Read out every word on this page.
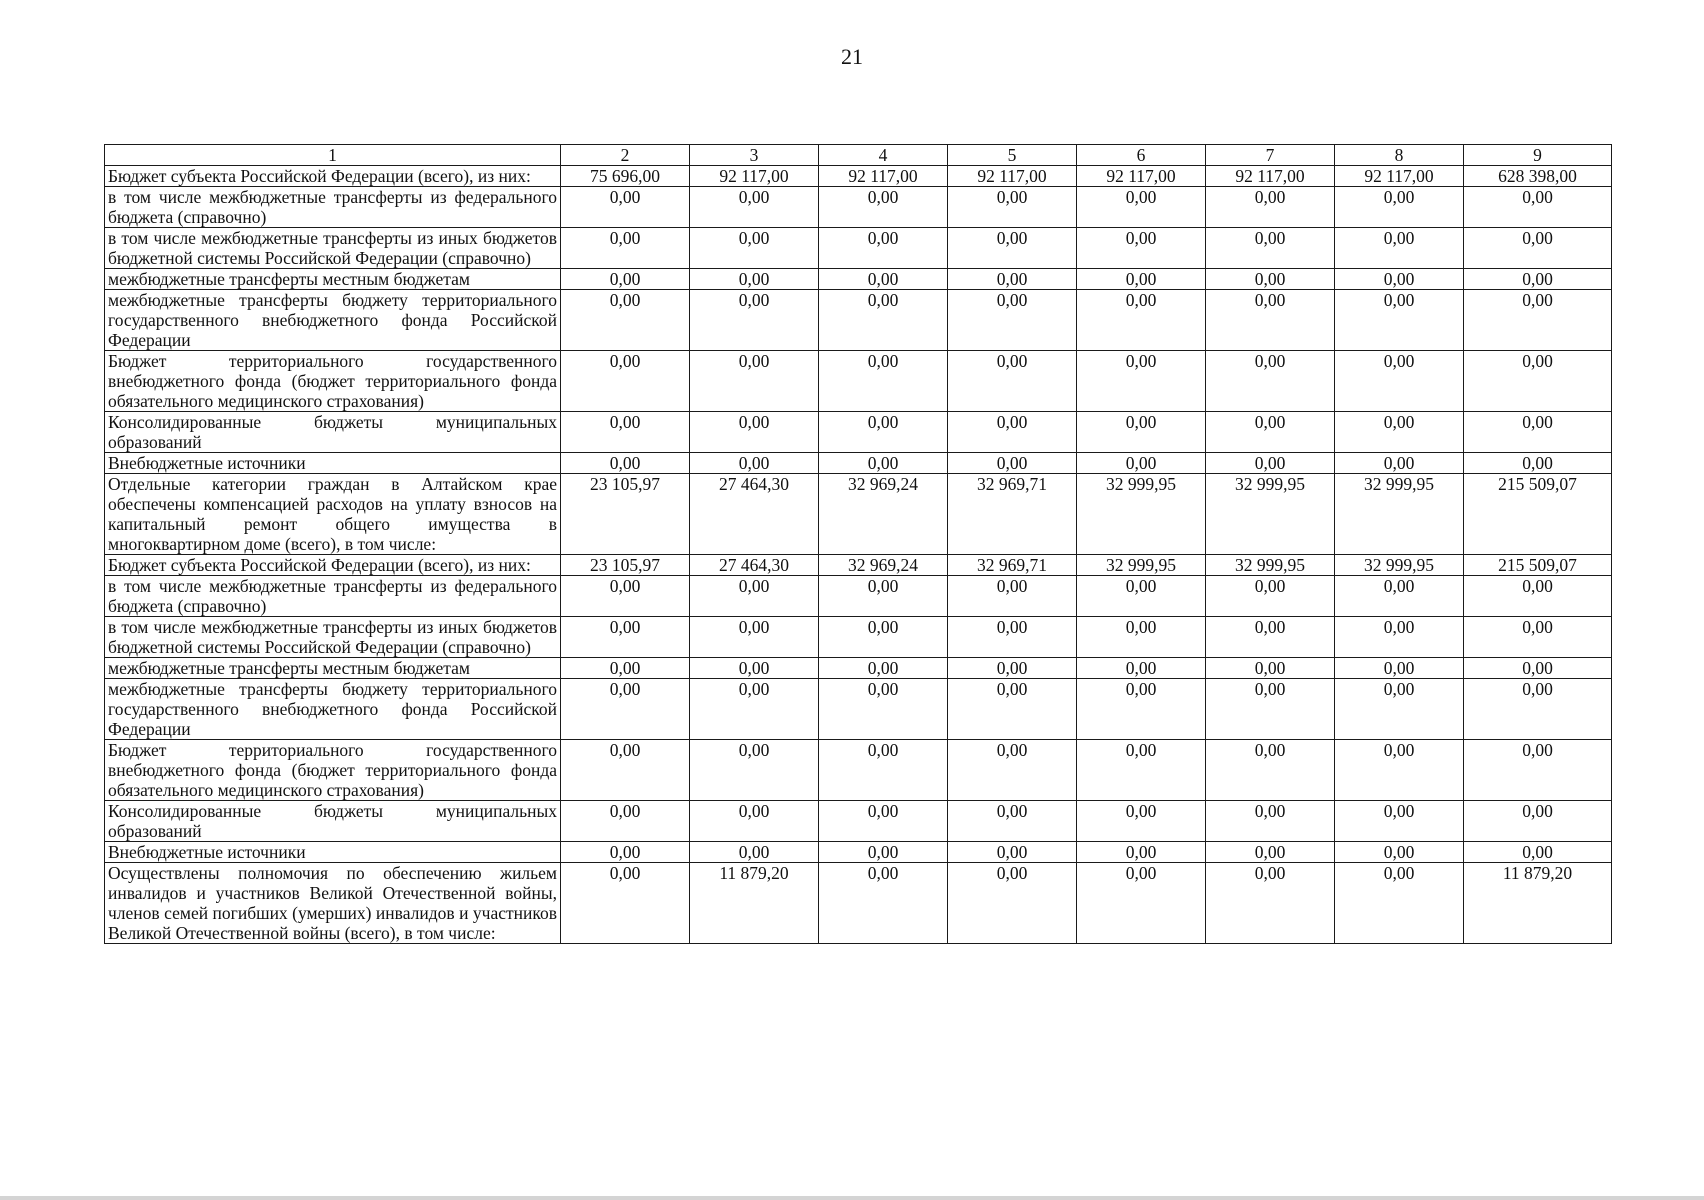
21
1	2	3	4	5	6	7	8	9
Бюджет субъекта Российской Федерации (всего), из них:	75 696,00	92 117,00	92 117,00	92 117,00	92 117,00	92 117,00	92 117,00	628 398,00
в том числе межбюджетные трансферты из федерального бюджета (справочно)	0,00	0,00	0,00	0,00	0,00	0,00	0,00	0,00
в том числе межбюджетные трансферты из иных бюджетов бюджетной системы Российской Федерации (справочно)	0,00	0,00	0,00	0,00	0,00	0,00	0,00	0,00
межбюджетные трансферты местным бюджетам	0,00	0,00	0,00	0,00	0,00	0,00	0,00	0,00
межбюджетные трансферты бюджету территориального государственного внебюджетного фонда Российской Федерации	0,00	0,00	0,00	0,00	0,00	0,00	0,00	0,00
Бюджет территориального государственного внебюджетного фонда (бюджет территориального фонда обязательного медицинского страхования)	0,00	0,00	0,00	0,00	0,00	0,00	0,00	0,00
Консолидированные бюджеты муниципальных образований	0,00	0,00	0,00	0,00	0,00	0,00	0,00	0,00
Внебюджетные источники	0,00	0,00	0,00	0,00	0,00	0,00	0,00	0,00
Отдельные категории граждан в Алтайском крае обеспечены компенсацией расходов на уплату взносов на капитальный ремонт общего имущества в многоквартирном доме (всего), в том числе:	23 105,97	27 464,30	32 969,24	32 969,71	32 999,95	32 999,95	32 999,95	215 509,07
Бюджет субъекта Российской Федерации (всего), из них:	23 105,97	27 464,30	32 969,24	32 969,71	32 999,95	32 999,95	32 999,95	215 509,07
в том числе межбюджетные трансферты из федерального бюджета (справочно)	0,00	0,00	0,00	0,00	0,00	0,00	0,00	0,00
в том числе межбюджетные трансферты из иных бюджетов бюджетной системы Российской Федерации (справочно)	0,00	0,00	0,00	0,00	0,00	0,00	0,00	0,00
межбюджетные трансферты местным бюджетам	0,00	0,00	0,00	0,00	0,00	0,00	0,00	0,00
межбюджетные трансферты бюджету территориального государственного внебюджетного фонда Российской Федерации	0,00	0,00	0,00	0,00	0,00	0,00	0,00	0,00
Бюджет территориального государственного внебюджетного фонда (бюджет территориального фонда обязательного медицинского страхования)	0,00	0,00	0,00	0,00	0,00	0,00	0,00	0,00
Консолидированные бюджеты муниципальных образований	0,00	0,00	0,00	0,00	0,00	0,00	0,00	0,00
Внебюджетные источники	0,00	0,00	0,00	0,00	0,00	0,00	0,00	0,00
Осуществлены полномочия по обеспечению жильем инвалидов и участников Великой Отечественной войны, членов семей погибших (умерших) инвалидов и участников Великой Отечественной войны (всего), в том числе:	0,00	11 879,20	0,00	0,00	0,00	0,00	0,00	11 879,20
